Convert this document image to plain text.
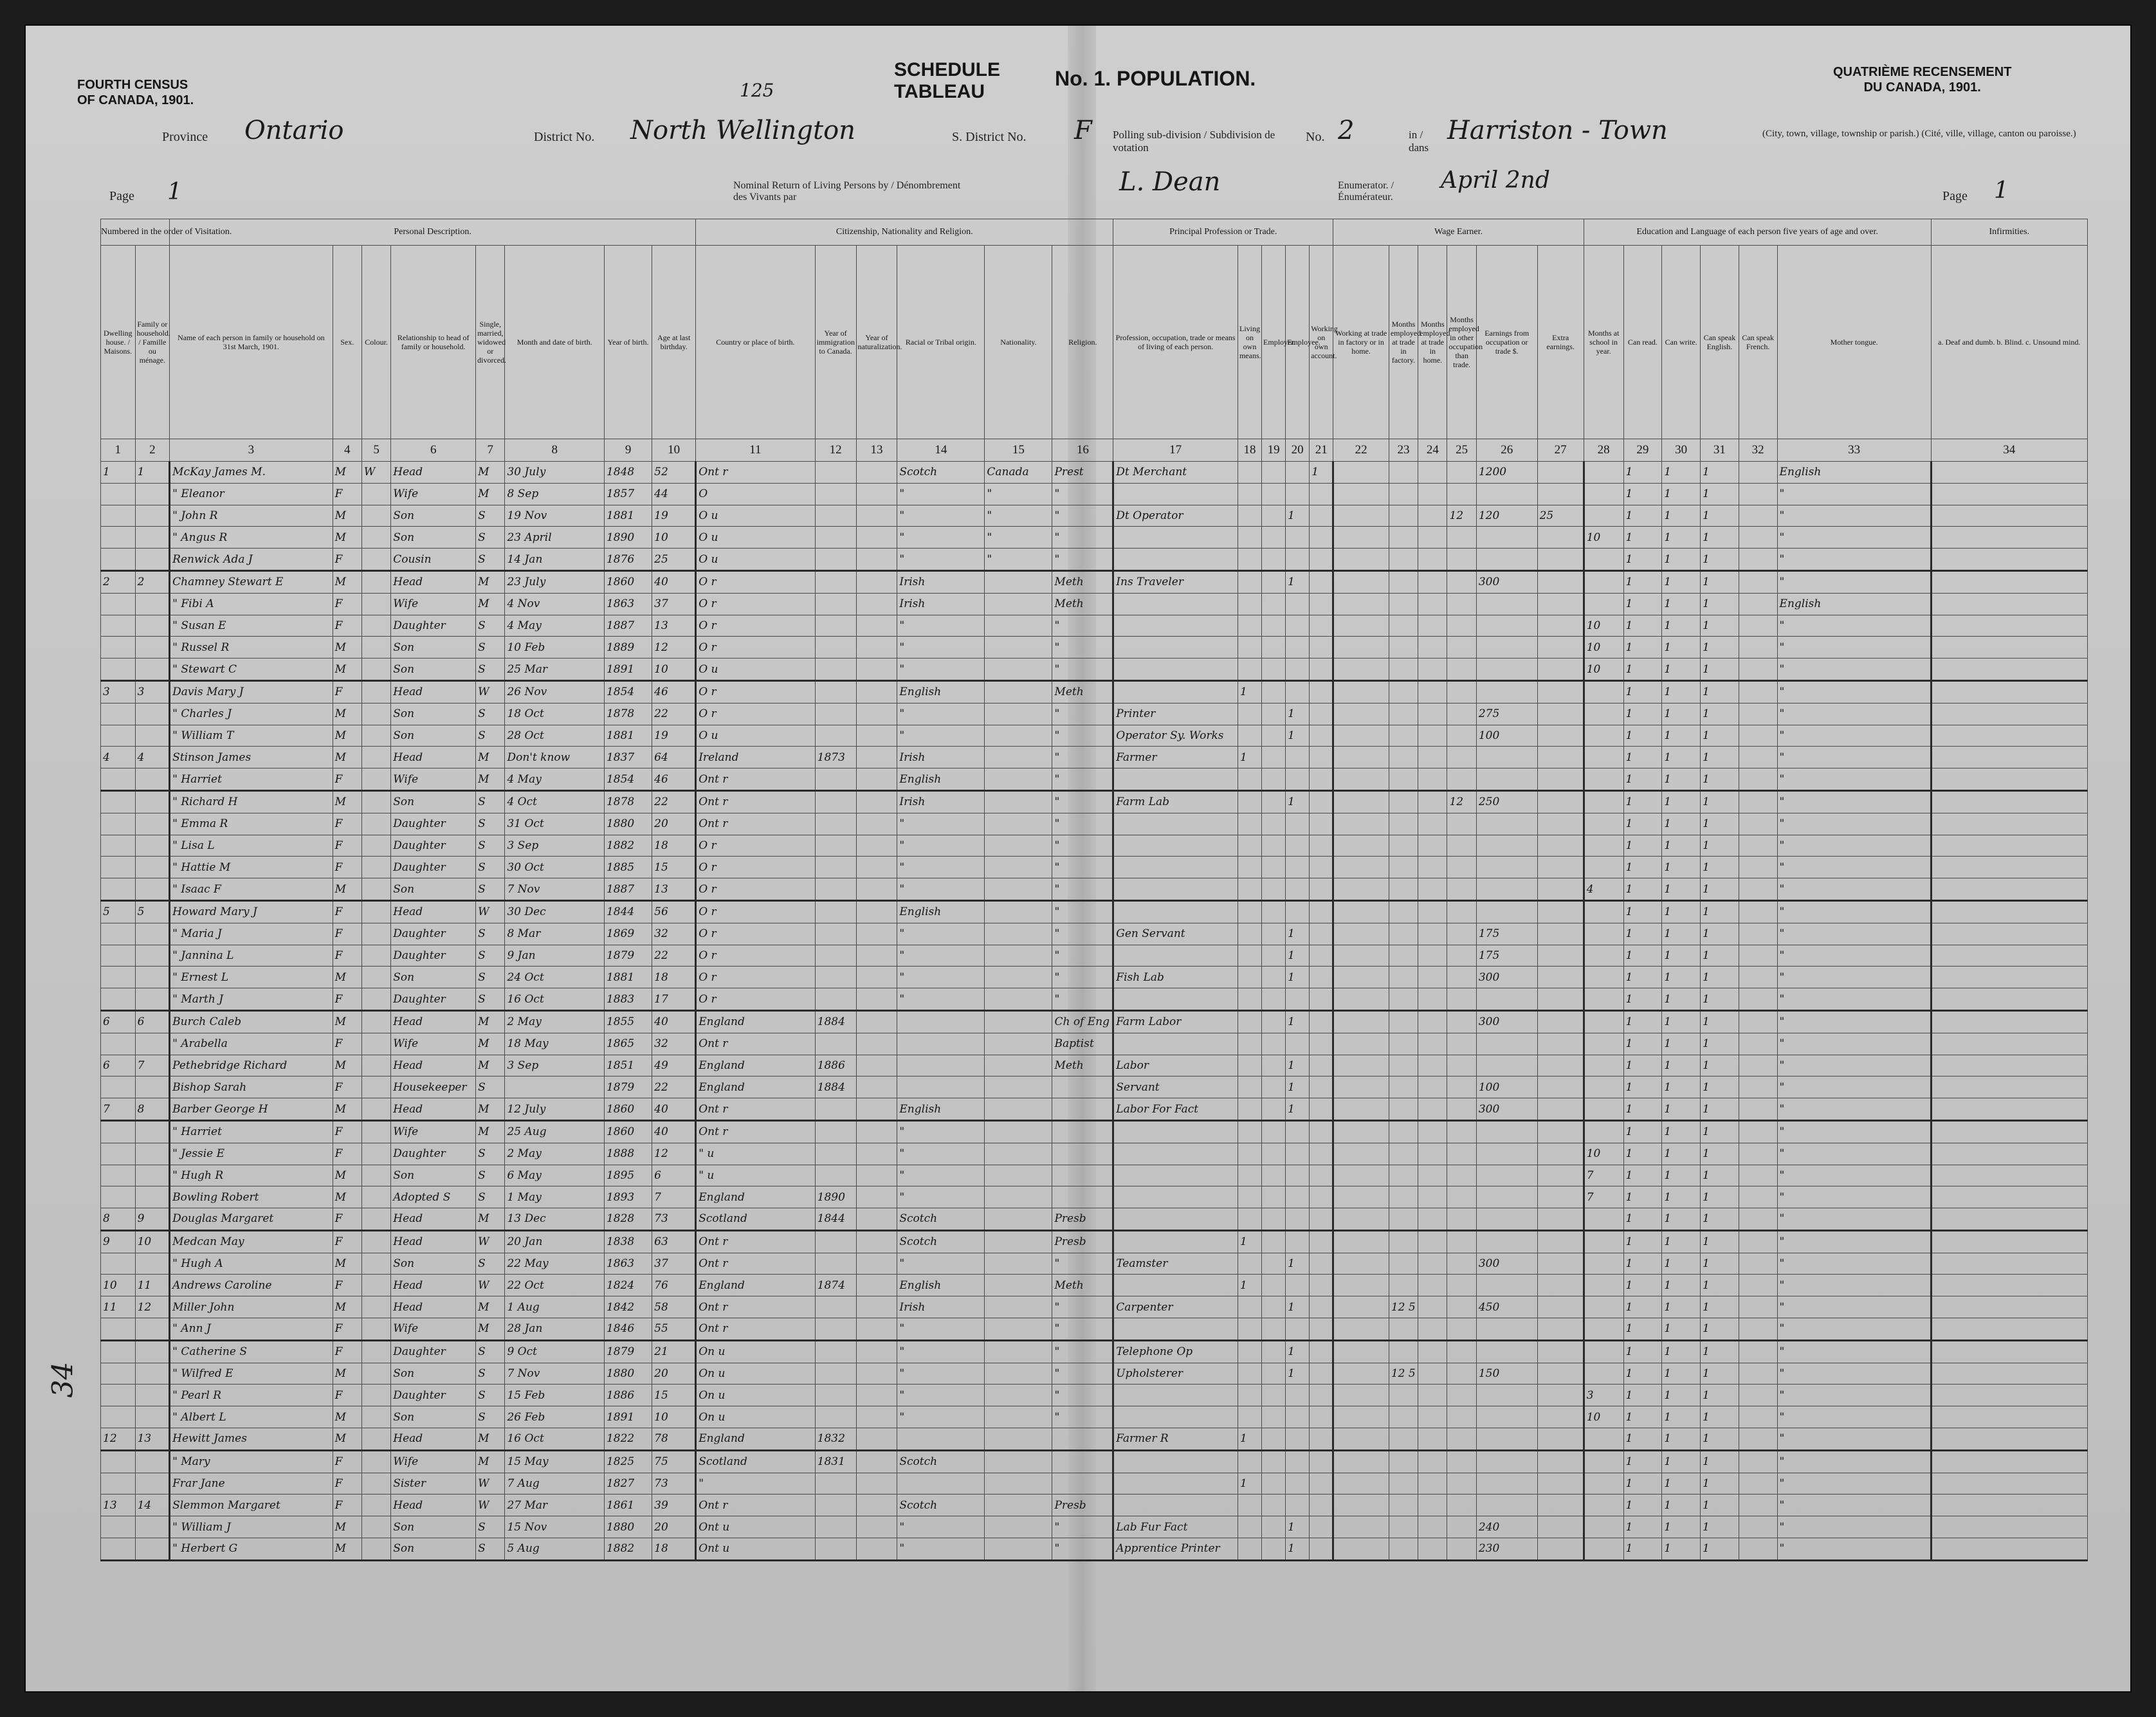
FOURTH CENSUS
OF CANADA, 1901.
SCHEDULE
TABLEAU
No. 1. POPULATION.	QUATRIÈME RECENSEMENT
DU CANADA, 1901.
Province Ontario	District No.
125
North Wellington	S. District No. F Polling sub-division / Subdivision de votation
No. 2	in / dans
Harriston - Town	(City, town, village, township or parish.) (Cité, ville, village, canton ou paroisse.)
Page 1	Nominal Return of Living Persons by / Dénombrement des Vivants par
L. Dean	Enumerator. / Énumérateur.
April 2nd
Page 1
34
Numbered in the order of Visitation.		Personal Description.								Citizenship, Nationality and Religion.						Principal Profession or Trade.					Wage Earner.						Education and Language of each person five years of age and over.						Infirmities.
Dwelling house. / Maisons.	Family or household. / Famille ou ménage.	Name of each person in family or household on 31st March, 1901.	Sex.	Colour.	Relationship to head of family or household.	Single, married, widowed or divorced.	Month and date of birth.	Year of birth.	Age at last birthday.	Country or place of birth.	Year of immigration to Canada.	Year of naturalization.	Racial or Tribal origin.	Nationality.	Religion.	Profession, occupation, trade or means of living of each person.	Living on own means.	Employer.	Employee.	Working on own account.	Working at trade in factory or in home.	Months employed at trade in factory.	Months employed at trade in home.	Months employed in other occupation than trade.	Earnings from occupation or trade $.	Extra earnings.	Months at school in year.	Can read.	Can write.	Can speak English.	Can speak French.	Mother tongue.	a. Deaf and dumb. b. Blind. c. Unsound mind.
1	2	3	4	5	6	7	8	9	10	11	12	13	14	15	16	17	18	19	20	21	22	23	24	25	26	27	28	29	30	31	32	33	34
1	1	McKay James M.	M	W	Head	M	30 July	1848	52	Ont r			Scotch	Canada	Prest	Dt Merchant				1					1200			1	1	1		English	
		" Eleanor	F		Wife	M	8 Sep	1857	44	O			"	"	"													1	1	1		"	
		" John R	M		Son	S	19 Nov	1881	19	O u			"	"	"	Dt Operator			1					12	120	25		1	1	1		"	
		" Angus R	M		Son	S	23 April	1890	10	O u			"	"	"												10	1	1	1		"	
		Renwick Ada J	F		Cousin	S	14 Jan	1876	25	O u			"	"	"													1	1	1		"	
2	2	Chamney Stewart E	M		Head	M	23 July	1860	40	O r			Irish		Meth	Ins Traveler			1						300			1	1	1		"	
		" Fibi A	F		Wife	M	4 Nov	1863	37	O r			Irish		Meth													1	1	1		English	
		" Susan E	F		Daughter	S	4 May	1887	13	O r			"		"												10	1	1	1		"	
		" Russel R	M		Son	S	10 Feb	1889	12	O r			"		"												10	1	1	1		"	
		" Stewart C	M		Son	S	25 Mar	1891	10	O u			"		"												10	1	1	1		"	
3	3	Davis Mary J	F		Head	W	26 Nov	1854	46	O r			English		Meth		1											1	1	1		"	
		" Charles J	M		Son	S	18 Oct	1878	22	O r			"		"	Printer			1						275			1	1	1		"	
		" William T	M		Son	S	28 Oct	1881	19	O u			"		"	Operator Sy. Works			1						100			1	1	1		"	
4	4	Stinson James	M		Head	M	Don't know	1837	64	Ireland	1873		Irish		"	Farmer	1											1	1	1		"	
		" Harriet	F		Wife	M	4 May	1854	46	Ont r			English		"													1	1	1		"	
		" Richard H	M		Son	S	4 Oct	1878	22	Ont r			Irish		"	Farm Lab			1					12	250			1	1	1		"	
		" Emma R	F		Daughter	S	31 Oct	1880	20	Ont r			"		"													1	1	1		"	
		" Lisa L	F		Daughter	S	3 Sep	1882	18	O r			"		"													1	1	1		"	
		" Hattie M	F		Daughter	S	30 Oct	1885	15	O r			"		"													1	1	1		"	
		" Isaac F	M		Son	S	7 Nov	1887	13	O r			"		"												4	1	1	1		"	
5	5	Howard Mary J	F		Head	W	30 Dec	1844	56	O r			English		"													1	1	1		"	
		" Maria J	F		Daughter	S	8 Mar	1869	32	O r			"		"	Gen Servant			1						175			1	1	1		"	
		" Jannina L	F		Daughter	S	9 Jan	1879	22	O r			"		"				1						175			1	1	1		"	
		" Ernest L	M		Son	S	24 Oct	1881	18	O r			"		"	Fish Lab			1						300			1	1	1		"	
		" Marth J	F		Daughter	S	16 Oct	1883	17	O r			"		"													1	1	1		"	
6	6	Burch Caleb	M		Head	M	2 May	1855	40	England	1884				Ch of Eng	Farm Labor			1						300			1	1	1		"	
		" Arabella	F		Wife	M	18 May	1865	32	Ont r					Baptist													1	1	1		"	
6	7	Pethebridge Richard	M		Head	M	3 Sep	1851	49	England	1886				Meth	Labor			1									1	1	1		"	
		Bishop Sarah	F		Housekeeper	S		1879	22	England	1884					Servant			1						100			1	1	1		"	
7	8	Barber George H	M		Head	M	12 July	1860	40	Ont r			English			Labor For Fact			1						300			1	1	1		"	
		" Harriet	F		Wife	M	25 Aug	1860	40	Ont r			"															1	1	1		"	
		" Jessie E	F		Daughter	S	2 May	1888	12	" u			"														10	1	1	1		"	
		" Hugh R	M		Son	S	6 May	1895	6	" u			"														7	1	1	1		"	
		Bowling Robert	M		Adopted S	S	1 May	1893	7	England	1890		"														7	1	1	1		"	
8	9	Douglas Margaret	F		Head	M	13 Dec	1828	73	Scotland	1844		Scotch		Presb													1	1	1		"	
9	10	Medcan May	F		Head	W	20 Jan	1838	63	Ont r			Scotch		Presb		1											1	1	1		"	
		" Hugh A	M		Son	S	22 May	1863	37	Ont r			"		"	Teamster			1						300			1	1	1		"	
10	11	Andrews Caroline	F		Head	W	22 Oct	1824	76	England	1874		English		Meth		1											1	1	1		"	
11	12	Miller John	M		Head	M	1 Aug	1842	58	Ont r			Irish		"	Carpenter			1			12 5			450			1	1	1		"	
		" Ann J	F		Wife	M	28 Jan	1846	55	Ont r			"		"													1	1	1		"	
		" Catherine S	F		Daughter	S	9 Oct	1879	21	On u			"		"	Telephone Op			1									1	1	1		"	
		" Wilfred E	M		Son	S	7 Nov	1880	20	On u			"		"	Upholsterer			1			12 5			150			1	1	1		"	
		" Pearl R	F		Daughter	S	15 Feb	1886	15	On u			"		"												3	1	1	1		"	
		" Albert L	M		Son	S	26 Feb	1891	10	On u			"		"												10	1	1	1		"	
12	13	Hewitt James	M		Head	M	16 Oct	1822	78	England	1832					Farmer R	1											1	1	1		"	
		" Mary	F		Wife	M	15 May	1825	75	Scotland	1831		Scotch															1	1	1		"	
		Frar Jane	F		Sister	W	7 Aug	1827	73	"							1											1	1	1		"	
13	14	Slemmon Margaret	F		Head	W	27 Mar	1861	39	Ont r			Scotch		Presb													1	1	1		"	
		" William J	M		Son	S	15 Nov	1880	20	Ont u			"		"	Lab Fur Fact			1						240			1	1	1		"	
		" Herbert G	M		Son	S	5 Aug	1882	18	Ont u			"		"	Apprentice Printer			1						230			1	1	1		"	
